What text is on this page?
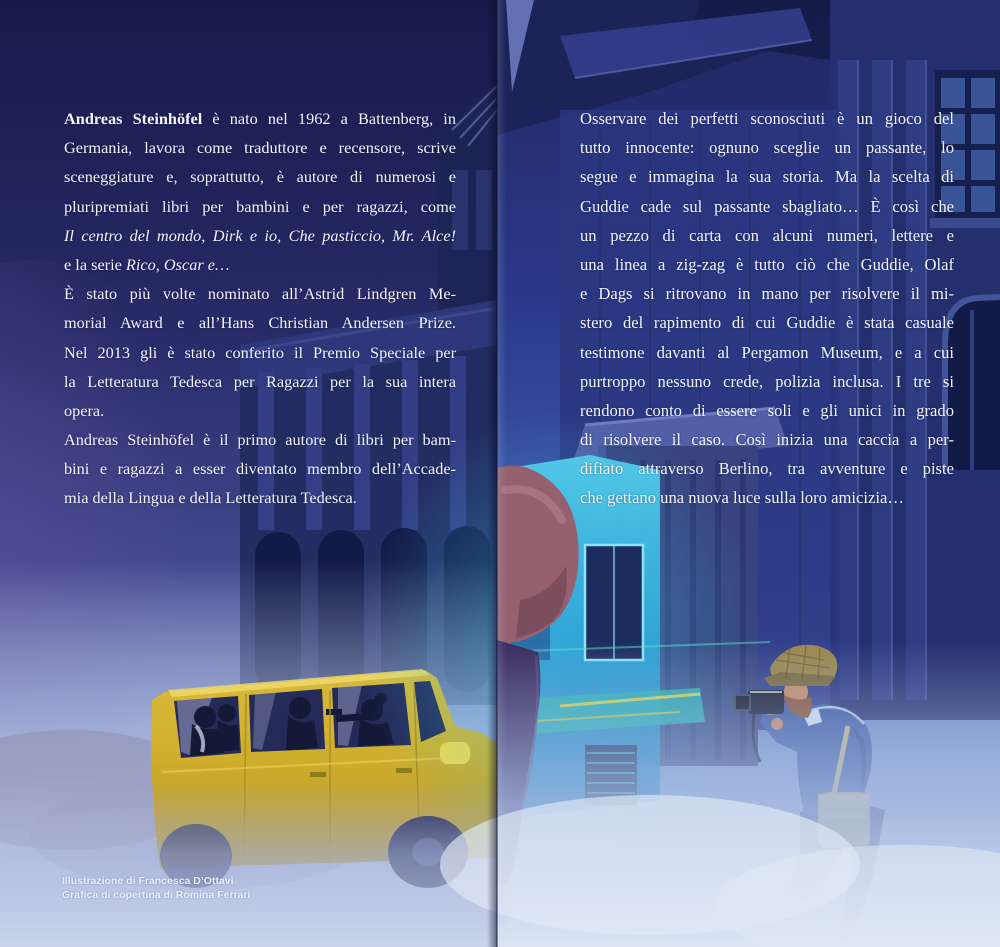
Andreas Steinhöfel è nato nel 1962 a Battenberg, in
Germania, lavora come traduttore e recensore, scrive
sceneggiature e, soprattutto, è autore di numerosi e
pluripremiati libri per bambini e per ragazzi, come
Il centro del mondo, Dirk e io, Che pasticcio, Mr. Alce!
e la serie Rico, Oscar e…
È stato più volte nominato all’Astrid Lindgren Me-
morial Award e all’Hans Christian Andersen Prize.
Nel 2013 gli è stato conferito il Premio Speciale per
la Letteratura Tedesca per Ragazzi per la sua intera
opera.
Andreas Steinhöfel è il primo autore di libri per bam-
bini e ragazzi a esser diventato membro dell’Accade-
mia della Lingua e della Letteratura Tedesca.
Osservare dei perfetti sconosciuti è un gioco del
tutto innocente: ognuno sceglie un passante, lo
segue e immagina la sua storia. Ma la scelta di
Guddie cade sul passante sbagliato… È così che
un pezzo di carta con alcuni numeri, lettere e
una linea a zig-zag è tutto ciò che Guddie, Olaf
e Dags si ritrovano in mano per risolvere il mi-
stero del rapimento di cui Guddie è stata casuale
testimone davanti al Pergamon Museum, e a cui
purtroppo nessuno crede, polizia inclusa. I tre si
rendono conto di essere soli e gli unici in grado
di risolvere il caso. Così inizia una caccia a per-
difiato attraverso Berlino, tra avventure e piste
che gettano una nuova luce sulla loro amicizia…
Illustrazione di Francesca D’Ottavi
Grafica di copertina di Romina Ferrari
